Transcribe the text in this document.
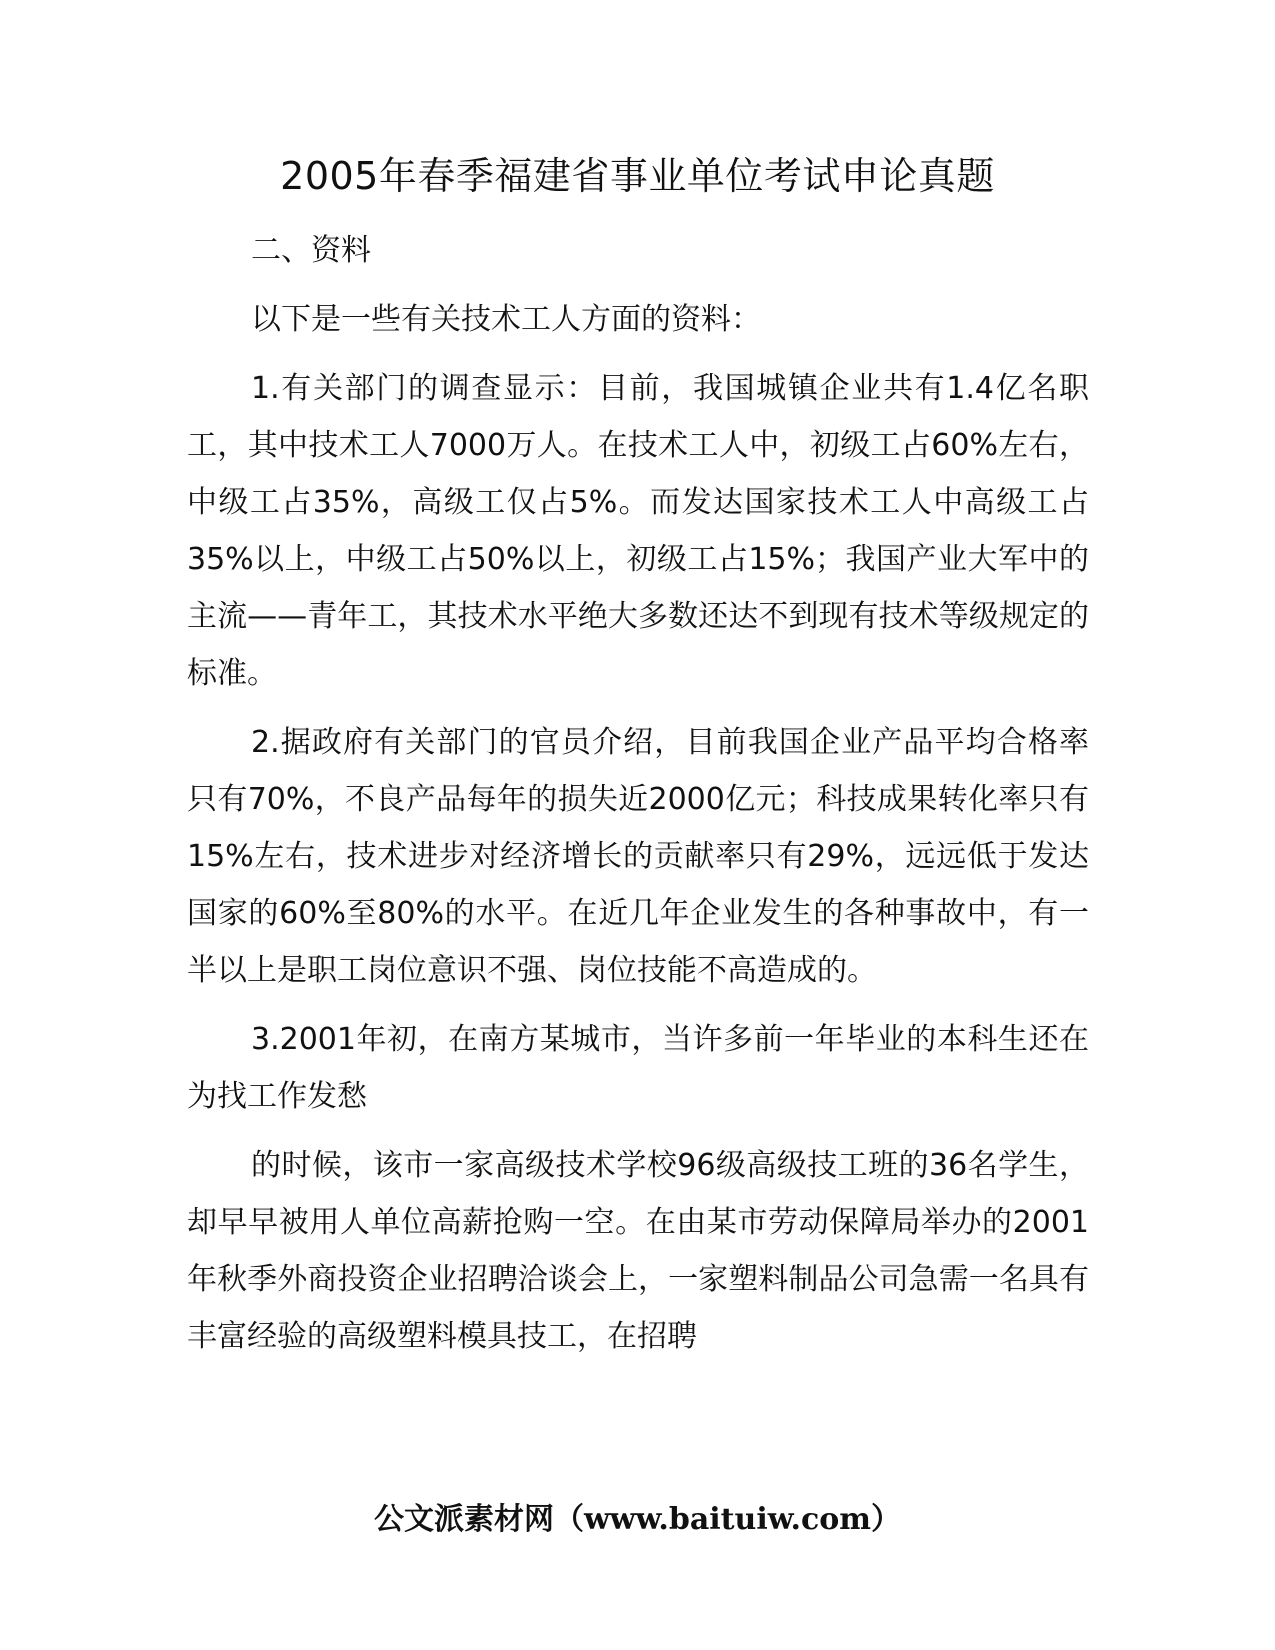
2005年春季福建省事业单位考试申论真题

二、资料

以下是一些有关技术工人方面的资料：

1.有关部门的调查显示：目前，我国城镇企业共有1.4亿名职工，其中技术工人7000万人。在技术工人中，初级工占60%左右，中级工占35%，高级工仅占5%。而发达国家技术工人中高级工占35%以上，中级工占50%以上，初级工占15%；我国产业大军中的主流——青年工，其技术水平绝大多数还达不到现有技术等级规定的标准。

2.据政府有关部门的官员介绍，目前我国企业产品平均合格率只有70%，不良产品每年的损失近2000亿元；科技成果转化率只有15%左右，技术进步对经济增长的贡献率只有29%，远远低于发达国家的60%至80%的水平。在近几年企业发生的各种事故中，有一半以上是职工岗位意识不强、岗位技能不高造成的。

3.2001年初，在南方某城市，当许多前一年毕业的本科生还在为找工作发愁

的时候，该市一家高级技术学校96级高级技工班的36名学生，却早早被用人单位高薪抢购一空。在由某市劳动保障局举办的2001年秋季外商投资企业招聘洽谈会上，一家塑料制品公司急需一名具有丰富经验的高级塑料模具技工，在招聘

公文派素材网（www.baituiw.com）
